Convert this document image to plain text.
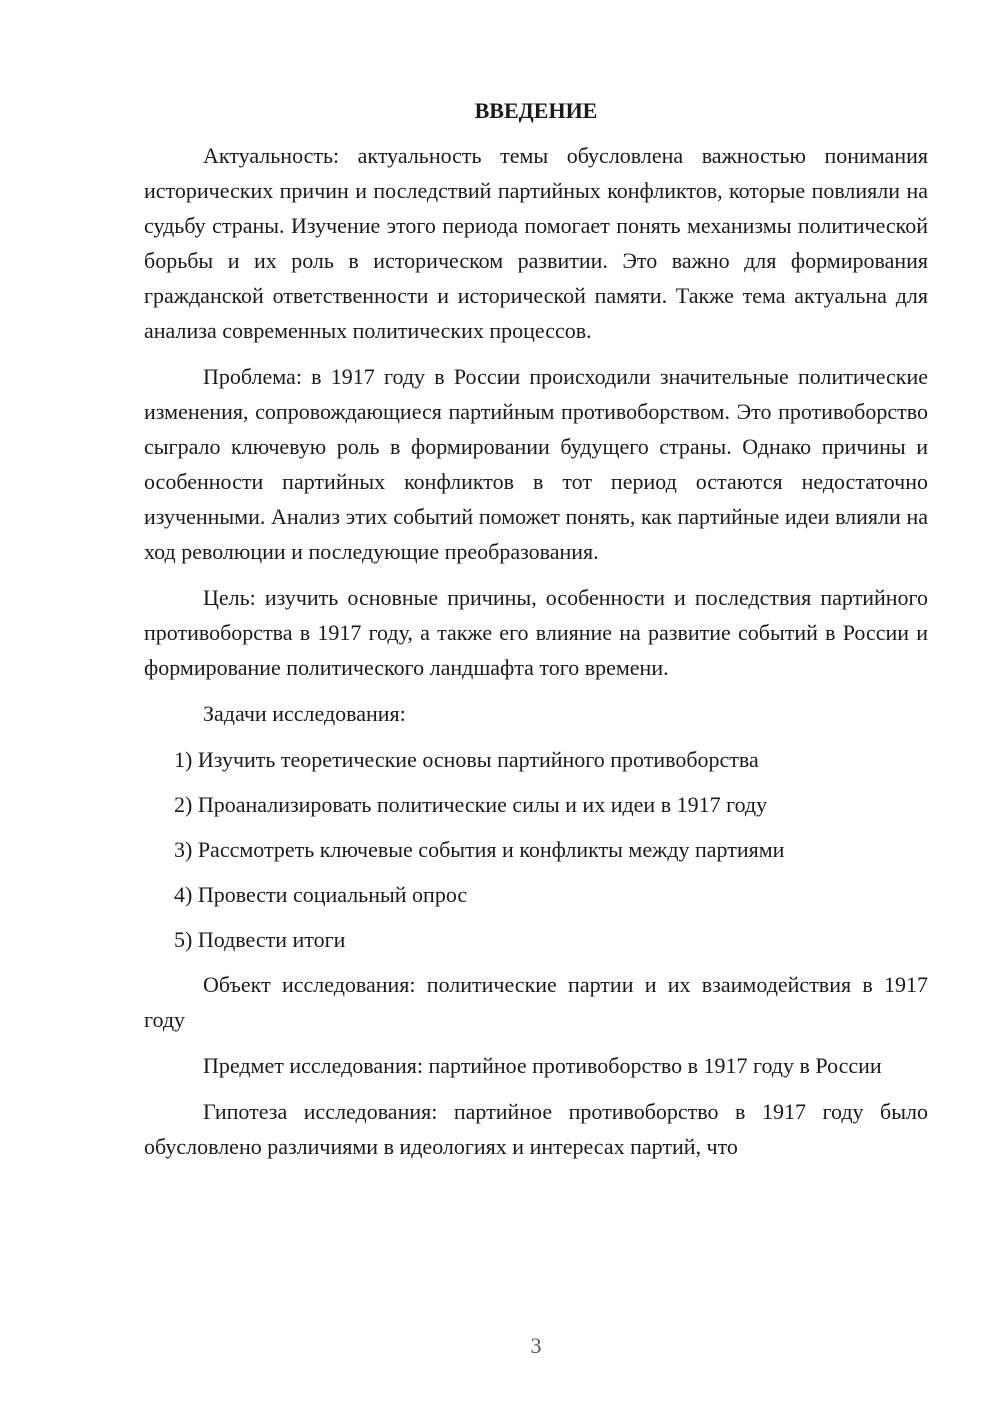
ВВЕДЕНИЕ

Актуальность: актуальность темы обусловлена важностью понимания исторических причин и последствий партийных конфликтов, которые повлияли на судьбу страны. Изучение этого периода помогает понять механизмы политической борьбы и их роль в историческом развитии. Это важно для формирования гражданской ответственности и исторической памяти. Также тема актуальна для анализа современных политических процессов.

Проблема: в 1917 году в России происходили значительные политические изменения, сопровождающиеся партийным противоборством. Это противоборство сыграло ключевую роль в формировании будущего страны. Однако причины и особенности партийных конфликтов в тот период остаются недостаточно изученными. Анализ этих событий поможет понять, как партийные идеи влияли на ход революции и последующие преобразования.

Цель: изучить основные причины, особенности и последствия партийного противоборства в 1917 году, а также его влияние на развитие событий в России и формирование политического ландшафта того времени.

Задачи исследования:

1) Изучить теоретические основы партийного противоборства
2) Проанализировать политические силы и их идеи в 1917 году
3) Рассмотреть ключевые события и конфликты между партиями
4) Провести социальный опрос
5) Подвести итоги

Объект исследования: политические партии и их взаимодействия в 1917 году

Предмет исследования: партийное противоборство в 1917 году в России

Гипотеза исследования: партийное противоборство в 1917 году было обусловлено различиями в идеологиях и интересах партий, что

3
